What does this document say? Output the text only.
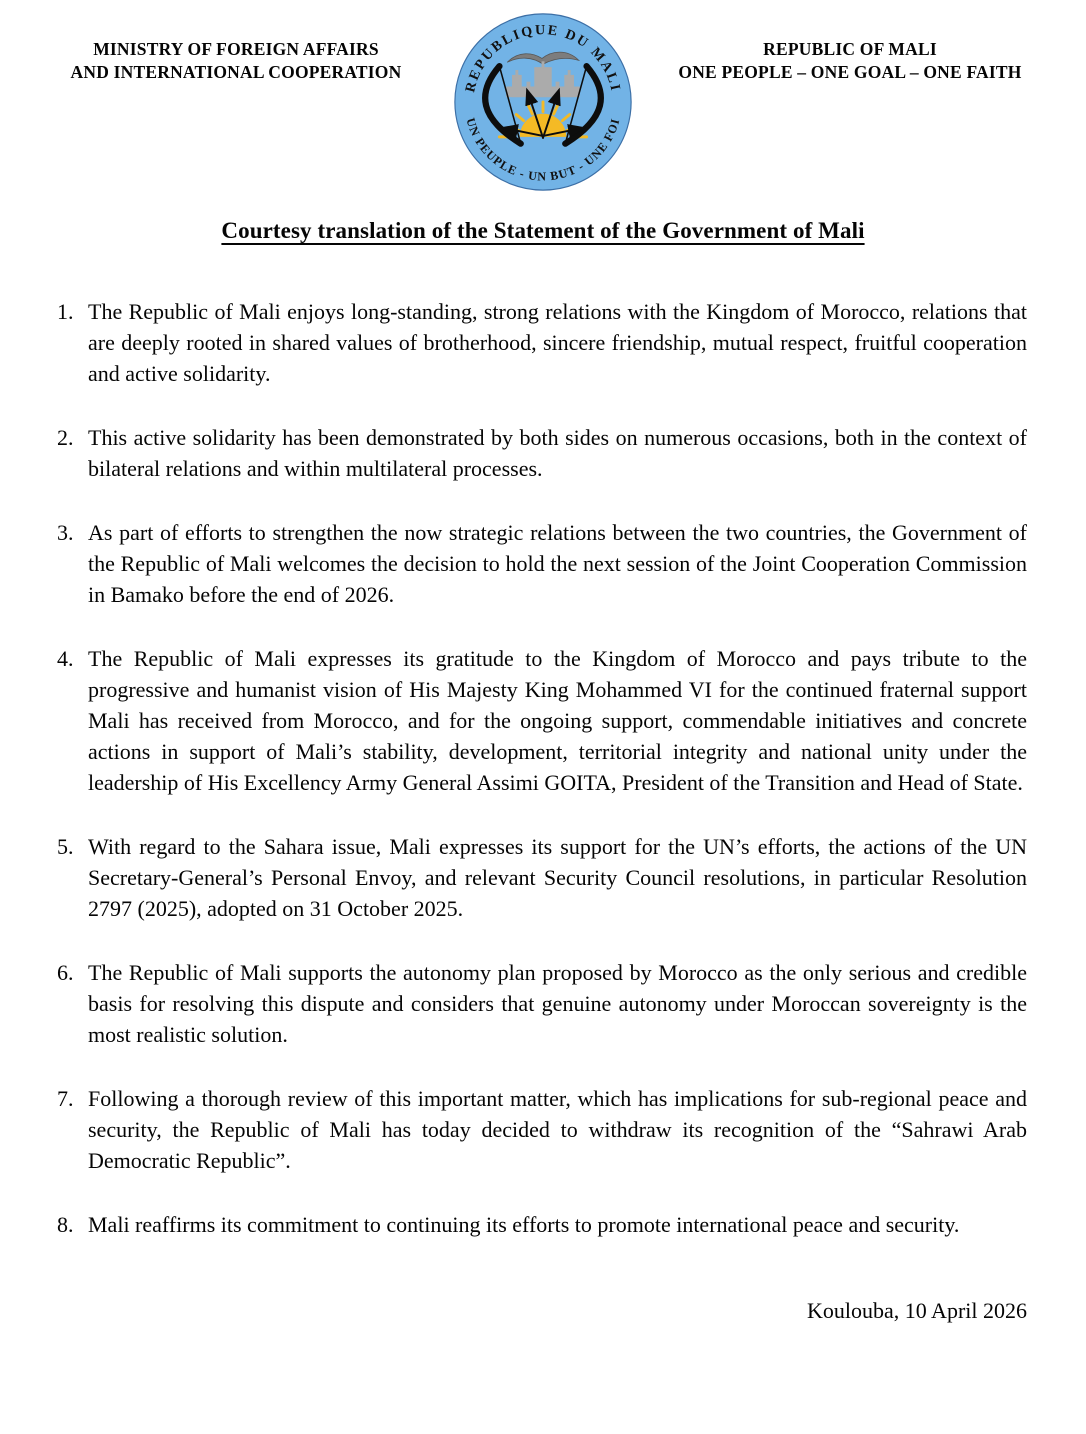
MINISTRY OF FOREIGN AFFAIRS
AND INTERNATIONAL COOPERATION
REPUBLIQUE DU MALI
UN PEUPLE - UN BUT - UNE FOI
REPUBLIC OF MALI
ONE PEOPLE – ONE GOAL – ONE FAITH
Courtesy translation of the Statement of the Government of Mali
1. The Republic of Mali enjoys long-standing, strong relations with the Kingdom of Morocco, relations that are deeply rooted in shared values of brotherhood, sincere friendship, mutual respect, fruitful cooperation and active solidarity.
2. This active solidarity has been demonstrated by both sides on numerous occasions, both in the context of bilateral relations and within multilateral processes.
3. As part of efforts to strengthen the now strategic relations between the two countries, the Government of the Republic of Mali welcomes the decision to hold the next session of the Joint Cooperation Commission in Bamako before the end of 2026.
4. The Republic of Mali expresses its gratitude to the Kingdom of Morocco and pays tribute to the progressive and humanist vision of His Majesty King Mohammed VI for the continued fraternal support Mali has received from Morocco, and for the ongoing support, commendable initiatives and concrete actions in support of Mali’s stability, development, territorial integrity and national unity under the leadership of His Excellency Army General Assimi GOITA, President of the Transition and Head of State.
5. With regard to the Sahara issue, Mali expresses its support for the UN’s efforts, the actions of the UN Secretary-General’s Personal Envoy, and relevant Security Council resolutions, in particular Resolution 2797 (2025), adopted on 31 October 2025.
6. The Republic of Mali supports the autonomy plan proposed by Morocco as the only serious and credible basis for resolving this dispute and considers that genuine autonomy under Moroccan sovereignty is the most realistic solution.
7. Following a thorough review of this important matter, which has implications for sub-regional peace and security, the Republic of Mali has today decided to withdraw its recognition of the “Sahrawi Arab Democratic Republic”.
8. Mali reaffirms its commitment to continuing its efforts to promote international peace and security.
Koulouba, 10 April 2026
